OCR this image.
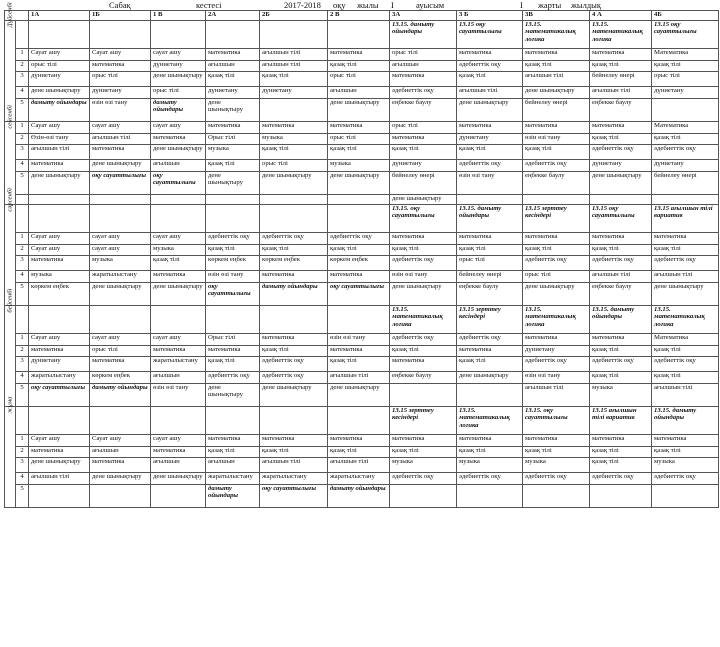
Сабақ	кестесі	2017-2018 оқу жылы I	ауысым	I жарты жылдық
		1А	1Б	1 В	2А	2Б	2 В	3А	3 Б	3В	4 А	4Б

Дүйсенбі								13.15. дамыту ойындары	13.15 оқу сауаттылығы	13.15. математикалық логика	13.15. математикалық логика	13.15 оқу сауаттылығы
	1	Сауат ашу	Сауат ашу	сауат ашу	математика	ағылшын тілі	математика	орыс тілі	математика	математика	математика	Математика
	2	орыс тілі	математика	дүниетану	ағылшын	ағылшын тілі	қазақ тілі	ағылшын	әдебиеттік оқу	қазақ тілі	қазақ тілі	қазақ тілі
	3	дүниетану	орыс тілі	дене шынықтыру	қазақ тілі	қазақ тілі	орыс тілі	математика	қазақ тілі	ағылшын тілі	бейнелеу өнері	орыс тілі
	4	дене шынықтыру	дүниетану	орыс тілі	дүниетану	дүниетану	ағылшын	әдебиеттік оқу	ағылшын тілі	дене шынықтыру	ағылшын тілі	дүниетану
	5	дамыту ойындары	өзін өзі тану	дамыту ойындары	дене шынықтыру		дене шынықтыру	еңбекке баулу	дене шынықтыру	бейнелеу өнері	еңбекке баулу	

сейсенбі	1	Сауат ашу	сауат ашу	сауат ашу	математика	математика	математика	орыс тілі	математика	математика	математика	Математика
	2	Өзін-өзі тану	ағылшын тілі	математика	Орыс тілі	музыка	орыс тілі	математика	дүниетану	өзін өзі тану	қазақ тілі	қазақ тілі
	3	ағылшын тілі	математика	дене шынықтыру	музыка	қазақ тілі	қазақ тілі	қазақ тілі	қазақ тілі	қазақ тілі	әдебиеттік оқу	әдебиеттік оқу
	4	математика	дене шынықтыру	ағылшын	қазақ тілі	орыс тілі	музыка	дүниетану	әдебиеттік оқу	әдебиеттік оқу	дүниетану	дүниетану
	5	дене шынықтыру	оқу сауаттылығы	оқу сауаттылығы	дене шынықтыру	дене шынықтыру	дене шынықтыру	бейнелеу өнері	өзін өзі тану	еңбекке баулу	дене шынықтыру	бейнелеу өнері
								дене шынықтыру				

сәрсенбі								13.15. оқу сауаттылығы	13.15. дамыту ойындары	13.15 зерттеу кесіндері	13.15 оқу сауаттылығы	13.15 ағылшын тілі вариатив
	1	Сауат ашу	сауат ашу	сауат ашу	әдебиеттік оқу	әдебиеттік оқу	әдебиеттік оқу	математика	математика	математика	математика	математика
	2	Сауат ашу	сауат ашу	музыка	қазақ тілі	қазақ тілі	қазақ тілі	қазақ тілі	қазақ тілі	қазақ тілі	қазақ тілі	қазақ тілі
	3	математика	музыка	қазақ тілі	көркем еңбек	көркем еңбек	көркем еңбек	әдебиеттік оқу	орыс тілі	әдебиеттік оқу	әдебиеттік оқу	әдебиеттік оқу
	4	музыка	жаратылыстану	математика	өзін өзі тану	математика	математика	өзін өзі тану	бейнелеу өнері	орыс тілі	ағылшын тілі	ағылшын тілі
	5	көркем еңбек	дене шынықтыру	дене шынықтыру	оқу сауаттылығы	дамыту ойындары	оқу сауаттылығы	дене шынықтыру	еңбекке баулу	дене шынықтыру	еңбекке баулу	дене шынықтыру

бейсенбі								13.15. математикалық логика	13.15 зерттеу кесіндері	13.15. математикалық логика	13.15. дамыту ойындары	13.15. математикалық логика
	1	Сауат ашу	сауат ашу	сауат ашу	Орыс тілі	математика	өзін өзі тану	әдебиеттік оқу	әдебиеттік оқу	математика	математика	Математика
	2	математика	орыс тілі	математика	математика	қазақ тілі	математика	қазақ тілі	математика	дүниетану	қазақ тілі	қазақ тілі
	3	дүниетану	математика	жаратылыстану	қазақ тілі	әдебиеттік оқу	қазақ тілі	математика	қазақ тілі	әдебиеттік оқу	әдебиеттік оқу	әдебиеттік оқу
	4	жаратылыстану	көркем еңбек	ағылшын	әдебиеттік оқу	әдебиеттік оқу	ағылшын тілі	еңбекке баулу	дене шынықтыру	өзін өзі тану	қазақ тілі	қазақ тілі
	5	оқу сауаттылығы	дамыту ойындары	өзін өзі тану	дене шынықтыру	дене шынықтыру	дене шынықтыру			ағылшын тілі	музыка	ағылшын тілі

жұма								13.15 зерттеу кесіндері	13.15. математикалық логика	13.15. оқу сауаттылығы	13.15 ағылшын тілі вариатив	13.15. дамыту ойындары
	1	Сауат ашу	Сауат ашу	сауат ашу	математика	математика	математика	математика	математика	математика	математика	математика
	2	математика	ағылшын	математика	қазақ тілі	қазақ тілі	қазақ тілі	қазақ тілі	қазақ тілі	қазақ тілі	қазақ тілі	қазақ тілі
	3	дене шынықтыру	математика	ағылшын	ағылшын	ағылшын тілі	ағылшын тілі	музыка	музыка	музыка	қазақ тілі	музыка
	4	ағылшын тілі	дене шынықтыру	дене шынықтыру	жаратылыстану	жаратылыстану	жаратылыстану	әдебиеттік оқу	әдебиеттік оқу	әдебиеттік оқу	әдебиеттік оқу	әдебиеттік оқу
	5				дамыту ойындары	оқу сауаттылығы	дамыту ойындары					
